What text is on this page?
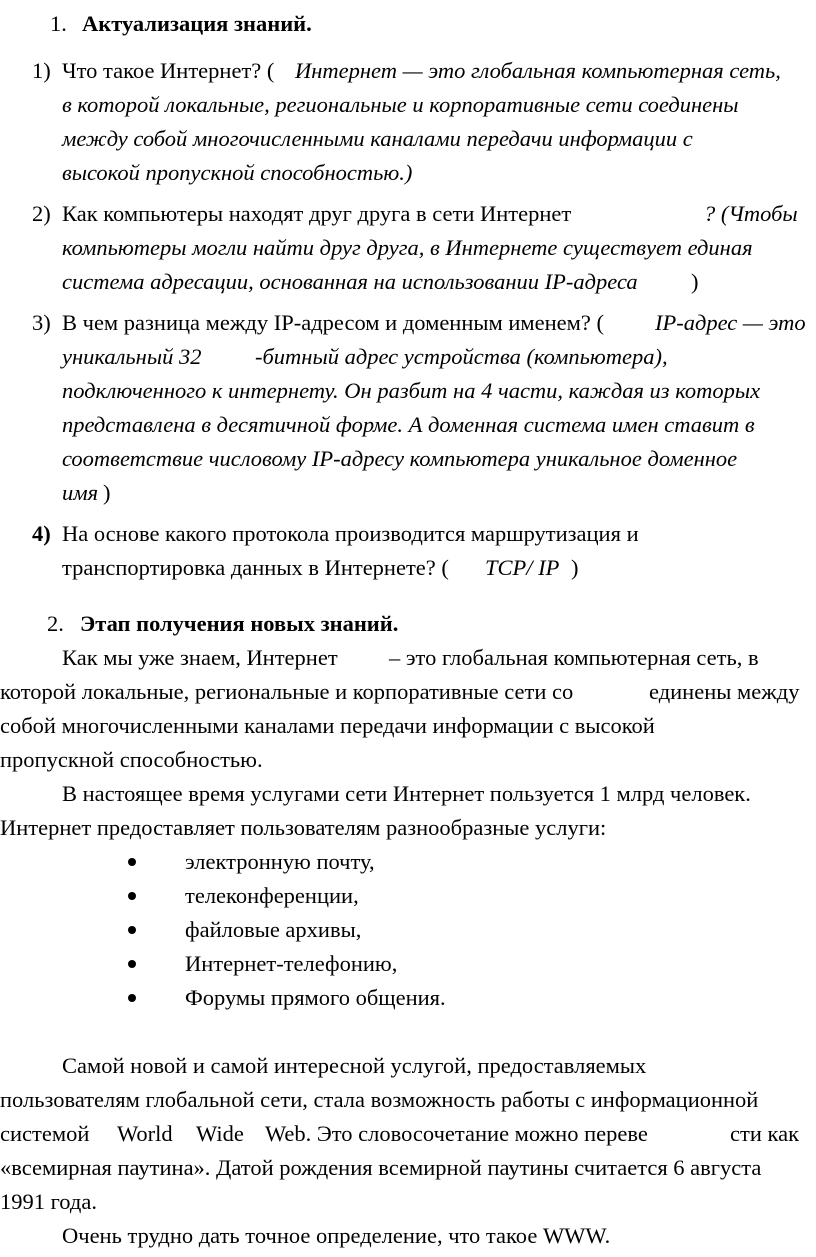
1. Актуализация знаний.
1) Что такое Интернет? ( Интернет — это глобальная компьютерная сеть,
в которой локальные, региональные и корпоративные сети соединены
между собой многочисленными каналами передачи информации с
высокой пропускной способностью.)
2) Как компьютеры находят друг друга в сети Интернет	? (Чтобы
компьютеры могли найти друг друга, в Интернете существует единая
система адресации, основанная на использовании IP-адреса )
3) В чем разница между IP-адресом и доменным именем? ( IP-адрес — это
уникальный 32 -битный адрес устройства (компьютера),
подключенного к интернету. Он разбит на 4 части, каждая из которых
представлена в десятичной форме. А доменная система имен ставит в
соответствие числовому IP-адресу компьютера уникальное доменное
имя )
4) На основе какого протокола производится маршрутизация и
транспортировка данных в Интернете? ( TCP/ IP )
2. Этап получения новых знаний.
Как мы уже знаем, Интернет – это глобальная компьютерная сеть, в
которой локальные, региональные и корпоративные сети со	единены между
собой многочисленными каналами передачи информации с высокой
пропускной способностью.
В настоящее время услугами сети Интернет пользуется 1 млрд человек.
Интернет предоставляет пользователям разнообразные услуги:
электронную почту,
телеконференции,
файловые архивы,
Интернет-телефонию,
Форумы прямого общения.
Самой новой и самой интересной услугой, предоставляемых
пользователям глобальной сети, стала возможность работы с информационной
системой World Wide Web. Это словосочетание можно переве	сти как
«всемирная паутина». Датой рождения всемирной паутины считается 6 августа
1991 года.
Очень трудно дать точное определение, что такое WWW.
